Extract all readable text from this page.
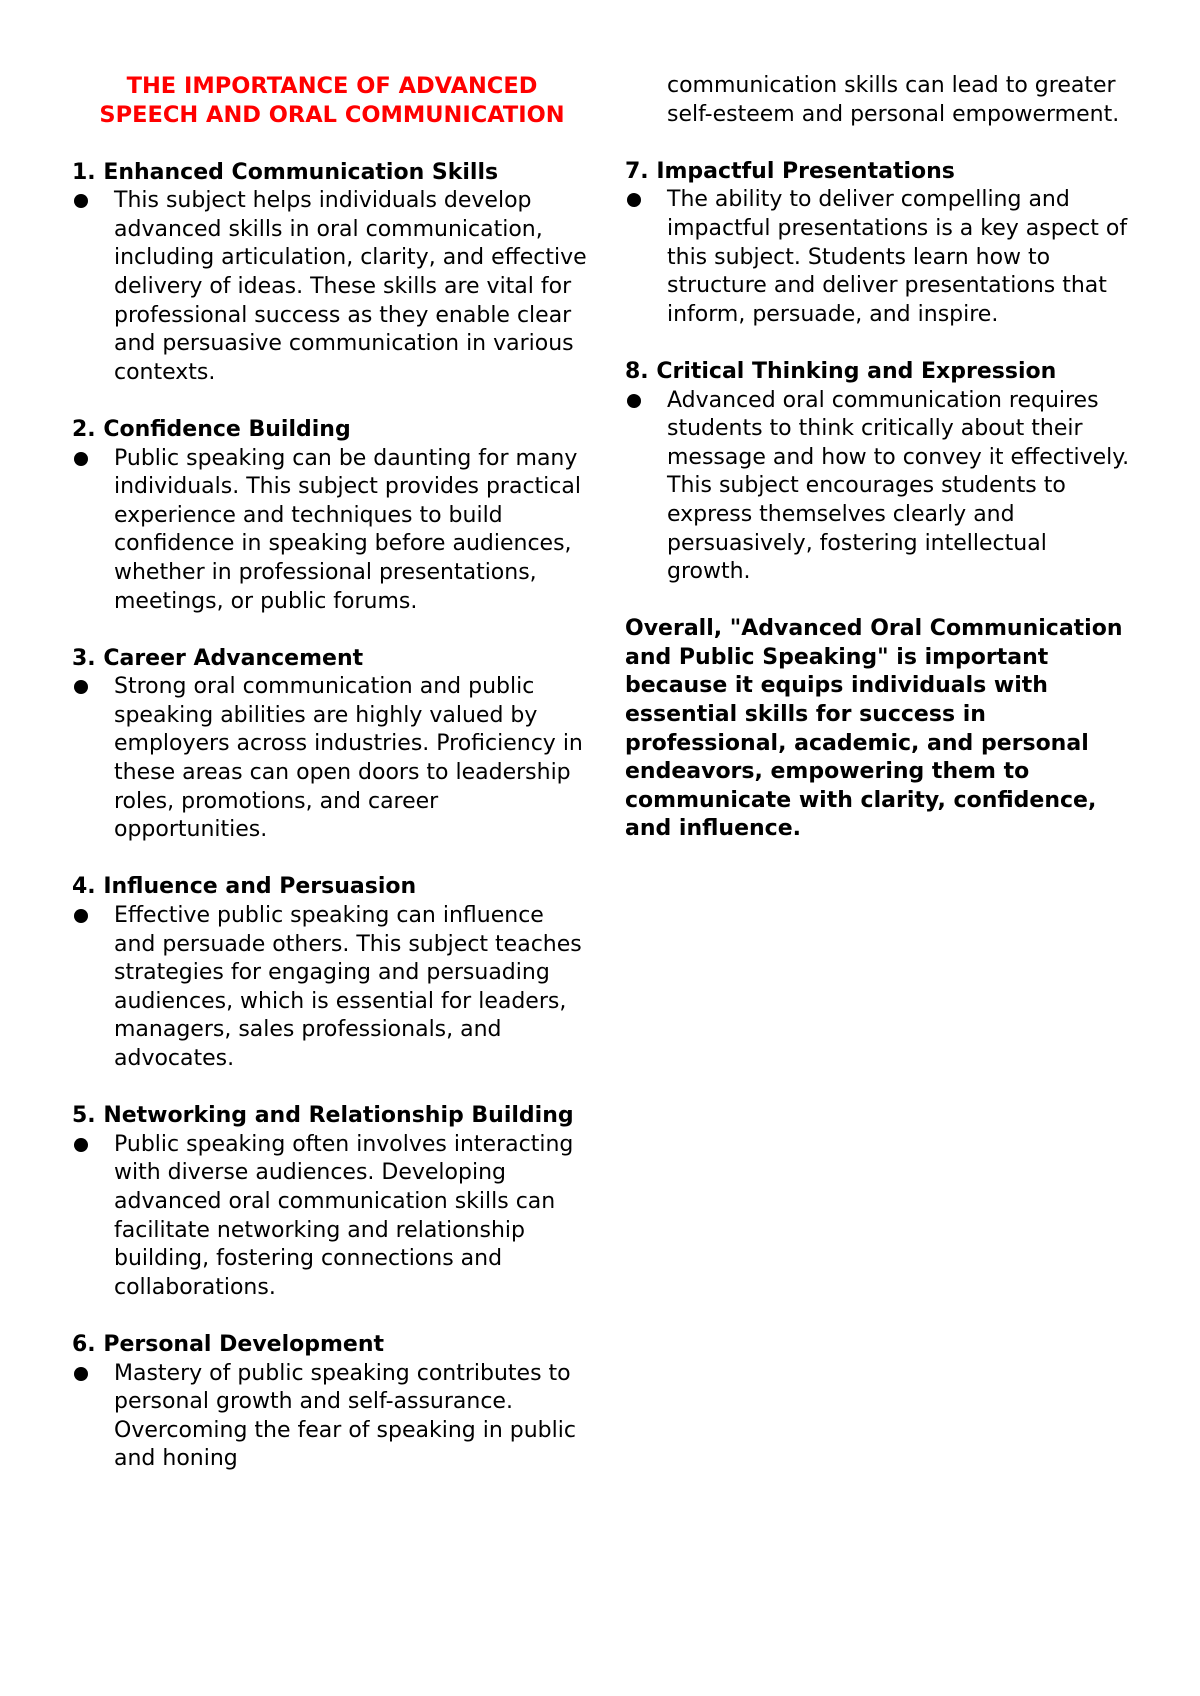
THE IMPORTANCE OF ADVANCED
SPEECH AND ORAL COMMUNICATION

1. Enhanced Communication Skills

This subject helps individuals develop advanced skills in oral communication, including articulation, clarity, and effective delivery of ideas. These skills are vital for professional success as they enable clear and persuasive communication in various contexts.

2. Confidence Building

Public speaking can be daunting for many individuals. This subject provides practical experience and techniques to build confidence in speaking before audiences, whether in professional presentations, meetings, or public forums.

3. Career Advancement

Strong oral communication and public speaking abilities are highly valued by employers across industries. Proficiency in these areas can open doors to leadership roles, promotions, and career opportunities.

4. Influence and Persuasion

Effective public speaking can influence and persuade others. This subject teaches strategies for engaging and persuading audiences, which is essential for leaders, managers, sales professionals, and advocates.

5. Networking and Relationship Building

Public speaking often involves interacting with diverse audiences. Developing advanced oral communication skills can facilitate networking and relationship building, fostering connections and collaborations.

6. Personal Development

Mastery of public speaking contributes to personal growth and self-assurance. Overcoming the fear of speaking in public and honing

communication skills can lead to greater self-esteem and personal empowerment.

7. Impactful Presentations

The ability to deliver compelling and impactful presentations is a key aspect of this subject. Students learn how to structure and deliver presentations that inform, persuade, and inspire.

8. Critical Thinking and Expression

Advanced oral communication requires students to think critically about their message and how to convey it effectively. This subject encourages students to express themselves clearly and persuasively, fostering intellectual growth.

Overall, "Advanced Oral Communication and Public Speaking" is important because it equips individuals with essential skills for success in professional, academic, and personal endeavors, empowering them to communicate with clarity, confidence, and influence.
